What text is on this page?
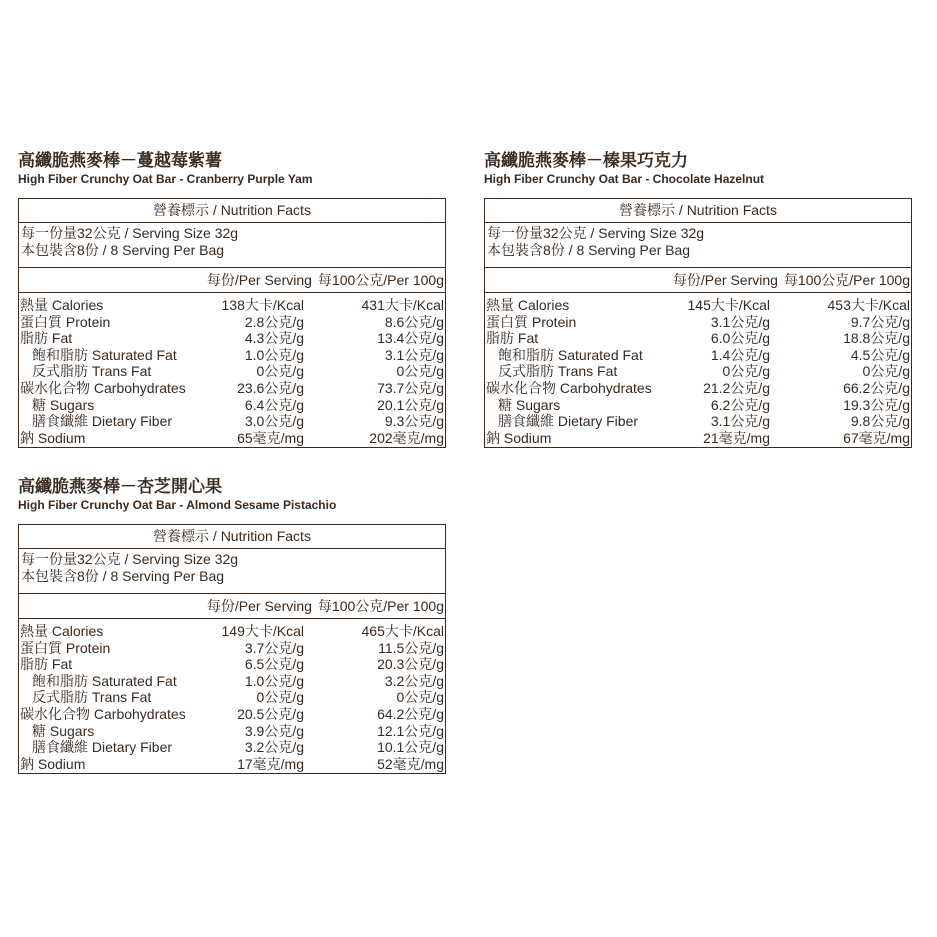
高纖脆燕麥棒－蔓越莓紫薯
High Fiber Crunchy Oat Bar - Cranberry Purple Yam
營養標示 / Nutrition Facts
每一份量32公克 / Serving Size 32g
本包裝含8份 / 8 Serving Per Bag
每份/Per Serving 每100公克/Per 100g
熱量 Calories	138大卡/Kcal	431大卡/Kcal
蛋白質 Protein	2.8公克/g	8.6公克/g
脂肪 Fat	4.3公克/g	13.4公克/g
飽和脂肪 Saturated Fat	1.0公克/g	3.1公克/g
反式脂肪 Trans Fat	0公克/g	0公克/g
碳水化合物 Carbohydrates	23.6公克/g	73.7公克/g
糖 Sugars	6.4公克/g	20.1公克/g
膳食纖維 Dietary Fiber	3.0公克/g	9.3公克/g
鈉 Sodium	65毫克/mg	202毫克/mg
高纖脆燕麥棒－榛果巧克力
High Fiber Crunchy Oat Bar - Chocolate Hazelnut
營養標示 / Nutrition Facts
每一份量32公克 / Serving Size 32g
本包裝含8份 / 8 Serving Per Bag
每份/Per Serving 每100公克/Per 100g
熱量 Calories	145大卡/Kcal	453大卡/Kcal
蛋白質 Protein	3.1公克/g	9.7公克/g
脂肪 Fat	6.0公克/g	18.8公克/g
飽和脂肪 Saturated Fat	1.4公克/g	4.5公克/g
反式脂肪 Trans Fat	0公克/g	0公克/g
碳水化合物 Carbohydrates	21.2公克/g	66.2公克/g
糖 Sugars	6.2公克/g	19.3公克/g
膳食纖維 Dietary Fiber	3.1公克/g	9.8公克/g
鈉 Sodium	21毫克/mg	67毫克/mg
高纖脆燕麥棒－杏芝開心果
High Fiber Crunchy Oat Bar - Almond Sesame Pistachio
營養標示 / Nutrition Facts
每一份量32公克 / Serving Size 32g
本包裝含8份 / 8 Serving Per Bag
每份/Per Serving 每100公克/Per 100g
熱量 Calories	149大卡/Kcal	465大卡/Kcal
蛋白質 Protein	3.7公克/g	11.5公克/g
脂肪 Fat	6.5公克/g	20.3公克/g
飽和脂肪 Saturated Fat	1.0公克/g	3.2公克/g
反式脂肪 Trans Fat	0公克/g	0公克/g
碳水化合物 Carbohydrates	20.5公克/g	64.2公克/g
糖 Sugars	3.9公克/g	12.1公克/g
膳食纖維 Dietary Fiber	3.2公克/g	10.1公克/g
鈉 Sodium	17毫克/mg	52毫克/mg
